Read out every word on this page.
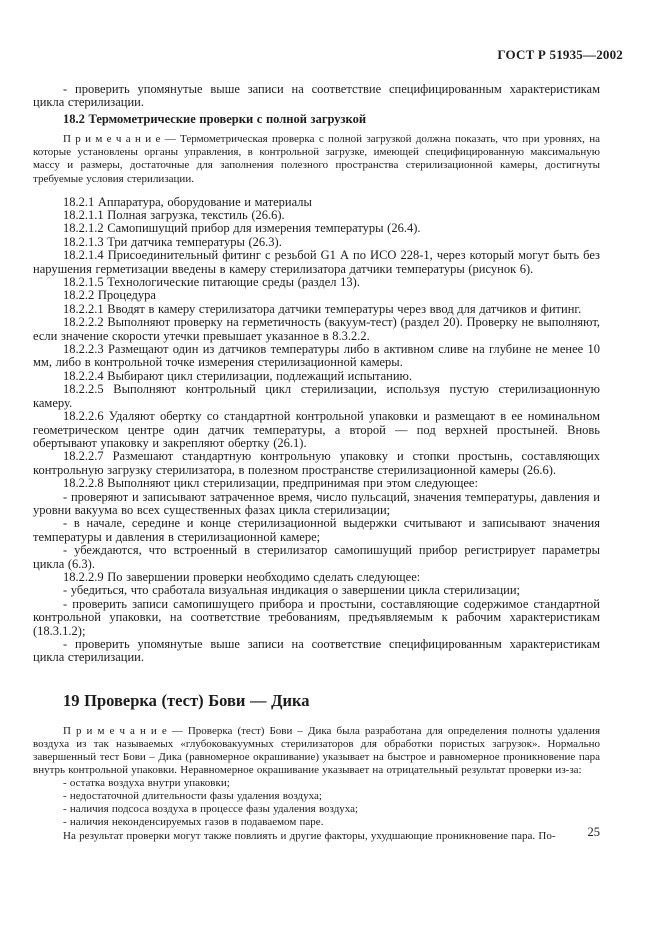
ГОСТ Р 51935—2002

- проверить упомянутые выше записи на соответствие специфицированным характеристикам цикла стерилизации.

18.2 Термометрические проверки с полной загрузкой

П р и м е ч а н и е — Термометрическая проверка с полной загрузкой должна показать, что при уровнях, на которые установлены органы управления, в контрольной загрузке, имеющей специфицированную максимальную массу и размеры, достаточные для заполнения полезного пространства стерилизационной камеры, достигнуты требуемые условия стерилизации.

18.2.1 Аппаратура, оборудование и материалы

18.2.1.1 Полная загрузка, текстиль (26.6).

18.2.1.2 Самопишущий прибор для измерения температуры (26.4).

18.2.1.3 Три датчика температуры (26.3).

18.2.1.4 Присоединительный фитинг с резьбой G1 А по ИСО 228-1, через который могут быть без нарушения герметизации введены в камеру стерилизатора датчики температуры (рисунок 6).

18.2.1.5 Технологические питающие среды (раздел 13).

18.2.2 Процедура

18.2.2.1 Вводят в камеру стерилизатора датчики температуры через ввод для датчиков и фитинг.

18.2.2.2 Выполняют проверку на герметичность (вакуум-тест) (раздел 20). Проверку не выполняют, если значение скорости утечки превышает указанное в 8.3.2.2.

18.2.2.3 Размещают один из датчиков температуры либо в активном сливе на глубине не менее 10 мм, либо в контрольной точке измерения стерилизационной камеры.

18.2.2.4 Выбирают цикл стерилизации, подлежащий испытанию.

18.2.2.5 Выполняют контрольный цикл стерилизации, используя пустую стерилизационную камеру.

18.2.2.6 Удаляют обертку со стандартной контрольной упаковки и размещают в ее номинальном геометрическом центре один датчик температуры, а второй — под верхней простыней. Вновь обертывают упаковку и закрепляют обертку (26.1).

18.2.2.7 Размешают стандартную контрольную упаковку и стопки простынь, составляющих контрольную загрузку стерилизатора, в полезном пространстве стерилизационной камеры (26.6).

18.2.2.8 Выполняют цикл стерилизации, предпринимая при этом следующее:

- проверяют и записывают затраченное время, число пульсаций, значения температуры, давления и уровни вакуума во всех существенных фазах цикла стерилизации;

- в начале, середине и конце стерилизационной выдержки считывают и записывают значения температуры и давления в стерилизационной камере;

- убеждаются, что встроенный в стерилизатор самопишущий прибор регистрирует параметры цикла (6.3).

18.2.2.9 По завершении проверки необходимо сделать следующее:

- убедиться, что сработала визуальная индикация о завершении цикла стерилизации;

- проверить записи самопишущего прибора и простыни, составляющие содержимое стандартной контрольной упаковки, на соответствие требованиям, предъявляемым к рабочим характеристикам (18.3.1.2);

- проверить упомянутые выше записи на соответствие специфицированным характеристикам цикла стерилизации.

19 Проверка (тест) Бови — Дика

П р и м е ч а н и е — Проверка (тест) Бови – Дика была разработана для определения полноты удаления воздуха из так называемых «глубоковакуумных стерилизаторов для обработки пористых загрузок». Нормально завершенный тест Бови – Дика (равномерное окрашивание) указывает на быстрое и равномерное проникновение пара внутрь контрольной упаковки. Неравномерное окрашивание указывает на отрицательный результат проверки из-за:

- остатка воздуха внутри упаковки;

- недостаточной длительности фазы удаления воздуха;

- наличия подсоса воздуха в процессе фазы удаления воздуха;

- наличия неконденсируемых газов в подаваемом паре.

На результат проверки могут также повлиять и другие факторы, ухудшающие проникновение пара. По-	25
